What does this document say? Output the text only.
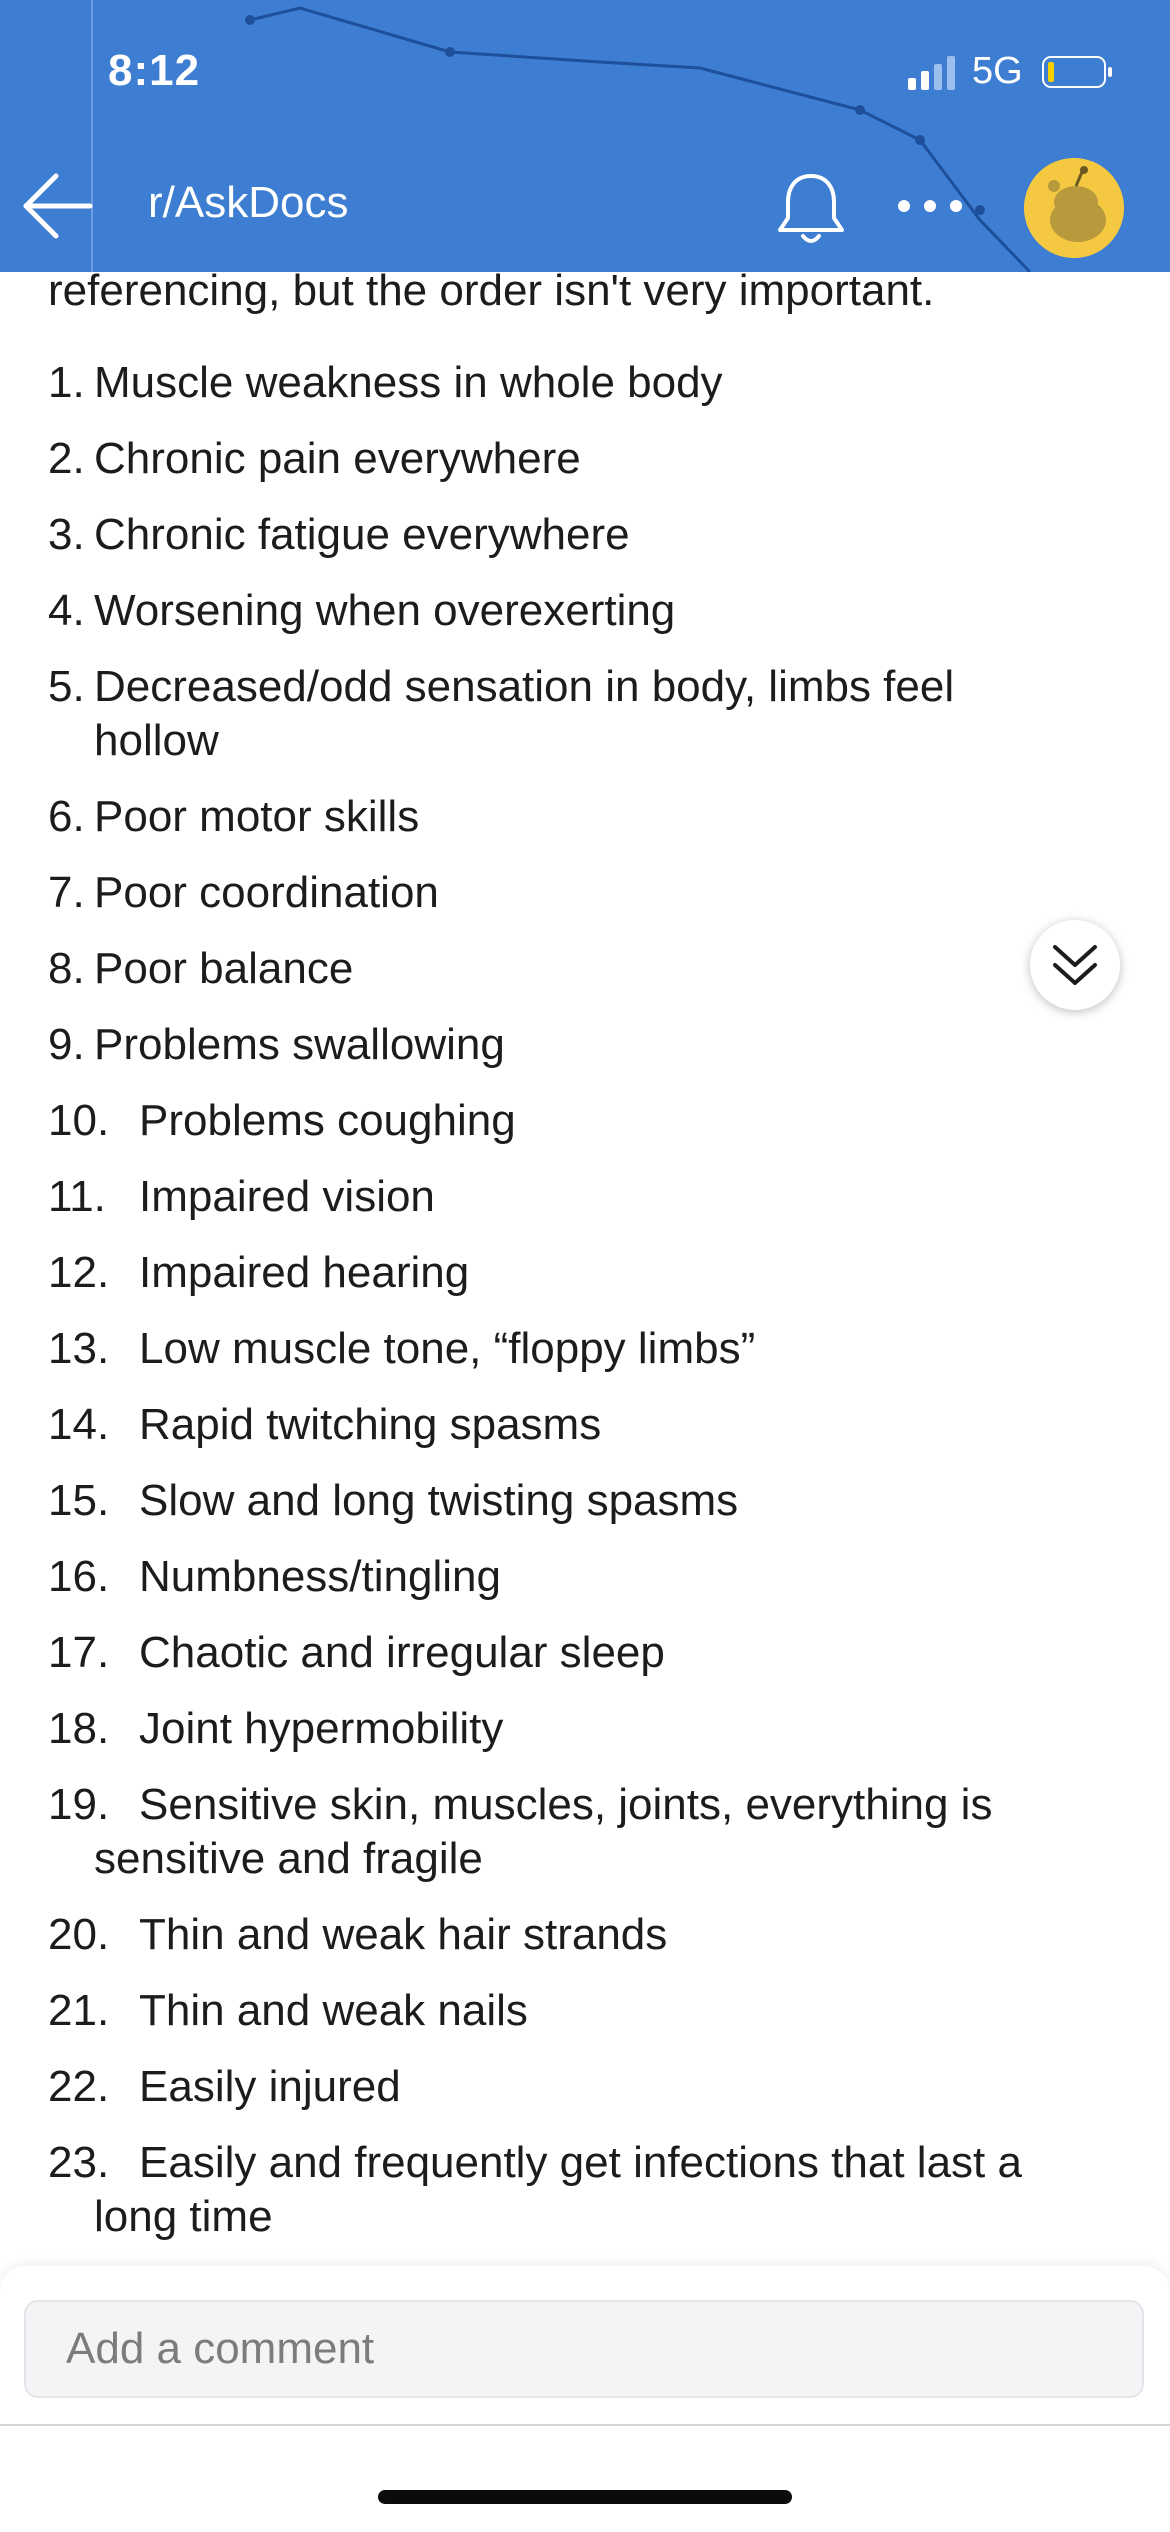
8:12	5G
r/AskDocs
referencing, but the order isn't very important.
1. Muscle weakness in whole body
2. Chronic pain everywhere
3. Chronic fatigue everywhere
4. Worsening when overexerting
5. Decreased/odd sensation in body, limbs feel hollow
6. Poor motor skills
7. Poor coordination
8. Poor balance
9. Problems swallowing
10. Problems coughing
11. Impaired vision
12. Impaired hearing
13. Low muscle tone, “floppy limbs”
14. Rapid twitching spasms
15. Slow and long twisting spasms
16. Numbness/tingling
17. Chaotic and irregular sleep
18. Joint hypermobility
19. Sensitive skin, muscles, joints, everything is sensitive and fragile
20. Thin and weak hair strands
21. Thin and weak nails
22. Easily injured
23. Easily and frequently get infections that last a long time
Add a comment
